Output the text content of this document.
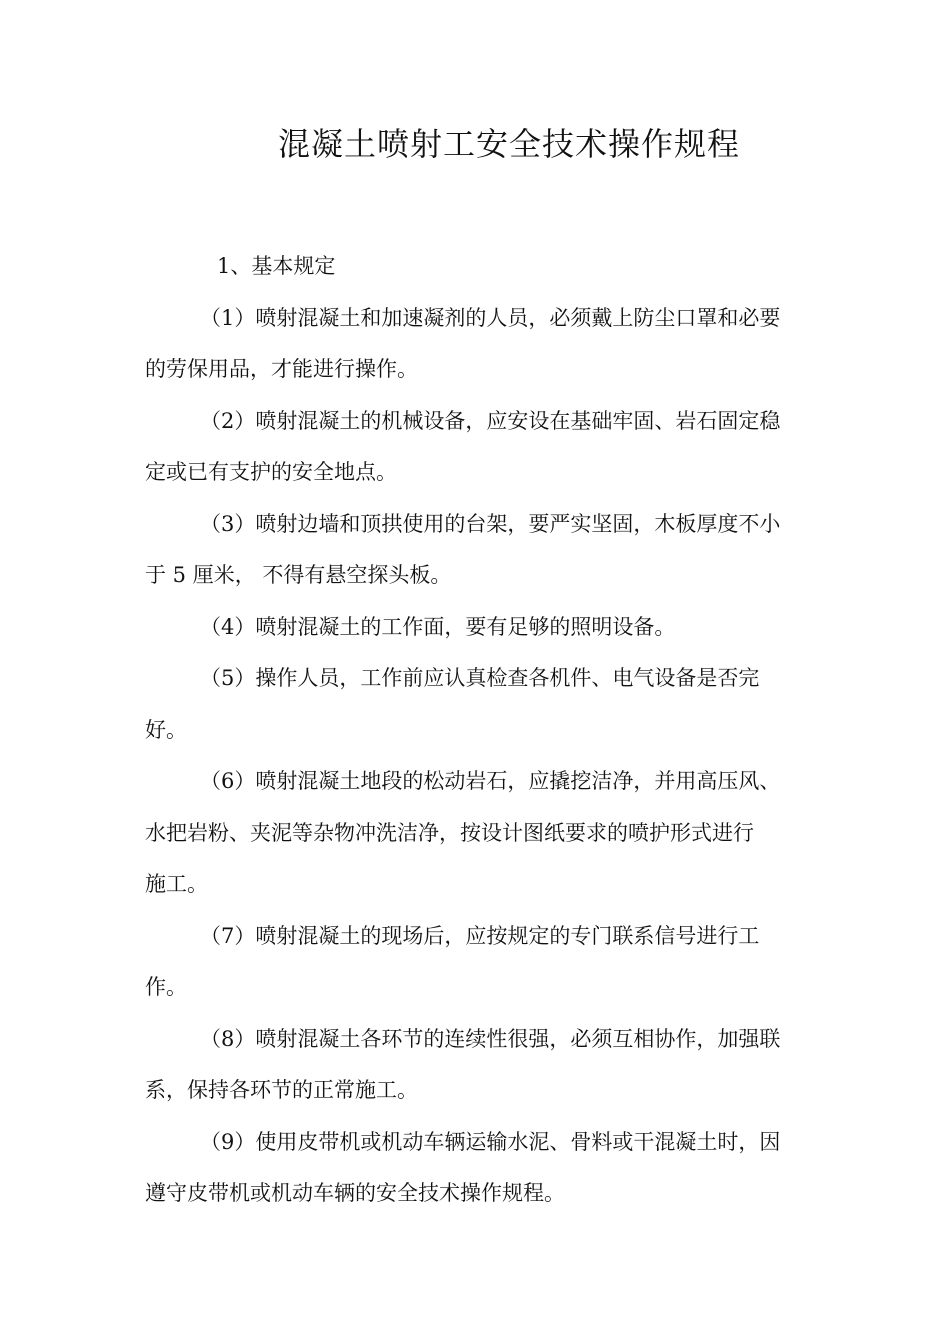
混凝土喷射工安全技术操作规程

1、基本规定

（1）喷射混凝土和加速凝剂的人员，必须戴上防尘口罩和必要
的劳保用品，才能进行操作。

（2）喷射混凝土的机械设备，应安设在基础牢固、岩石固定稳
定或已有支护的安全地点。

（3）喷射边墙和顶拱使用的台架，要严实坚固，木板厚度不小
于 5 厘米， 不得有悬空探头板。

（4）喷射混凝土的工作面，要有足够的照明设备。

（5）操作人员，工作前应认真检查各机件、电气设备是否完
好。

（6）喷射混凝土地段的松动岩石，应撬挖洁净，并用高压风、
水把岩粉、夹泥等杂物冲洗洁净，按设计图纸要求的喷护形式进行
施工。

（7）喷射混凝土的现场后，应按规定的专门联系信号进行工
作。

（8）喷射混凝土各环节的连续性很强，必须互相协作，加强联
系，保持各环节的正常施工。

（9）使用皮带机或机动车辆运输水泥、骨料或干混凝土时，因
遵守皮带机或机动车辆的安全技术操作规程。
